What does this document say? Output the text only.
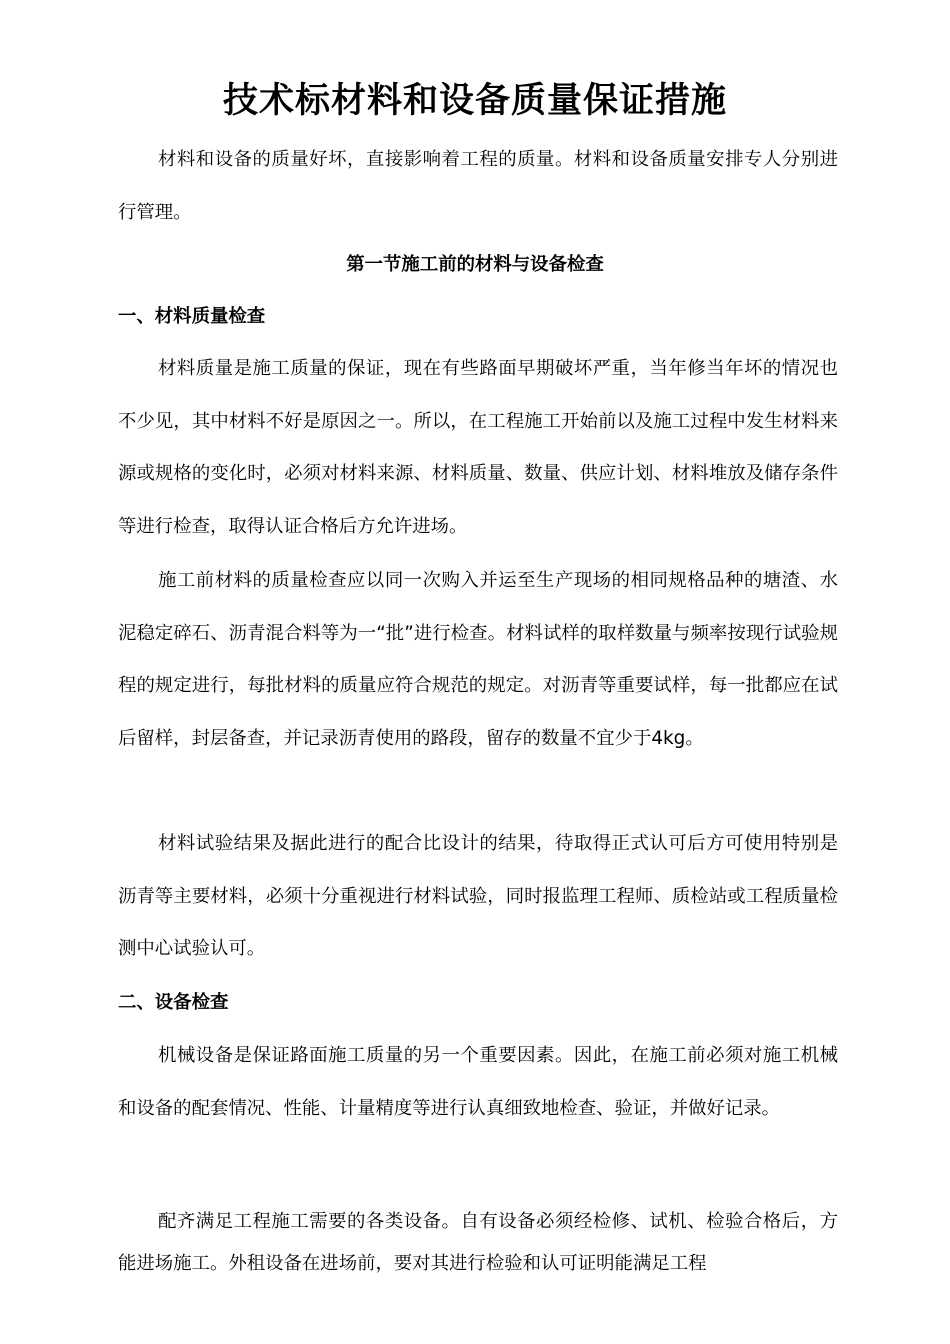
技术标材料和设备质量保证措施

材料和设备的质量好坏，直接影响着工程的质量。材料和设备质量安排专人分别进行管理。

第一节施工前的材料与设备检查
一、材料质量检查

材料质量是施工质量的保证，现在有些路面早期破坏严重，当年修当年坏的情况也不少见，其中材料不好是原因之一。所以，在工程施工开始前以及施工过程中发生材料来源或规格的变化时，必须对材料来源、材料质量、数量、供应计划、材料堆放及储存条件等进行检查，取得认证合格后方允许进场。

施工前材料的质量检查应以同一次购入并运至生产现场的相同规格品种的塘渣、水泥稳定碎石、沥青混合料等为一“批”进行检查。材料试样的取样数量与频率按现行试验规程的规定进行，每批材料的质量应符合规范的规定。对沥青等重要试样，每一批都应在试后留样，封层备查，并记录沥青使用的路段，留存的数量不宜少于4kg。

材料试验结果及据此进行的配合比设计的结果，待取得正式认可后方可使用特别是沥青等主要材料，必须十分重视进行材料试验，同时报监理工程师、质检站或工程质量检测中心试验认可。

二、设备检查

机械设备是保证路面施工质量的另一个重要因素。因此，在施工前必须对施工机械和设备的配套情况、性能、计量精度等进行认真细致地检查、验证，并做好记录。

配齐满足工程施工需要的各类设备。自有设备必须经检修、试机、检验合格后，方能进场施工。外租设备在进场前，要对其进行检验和认可证明能满足工程
